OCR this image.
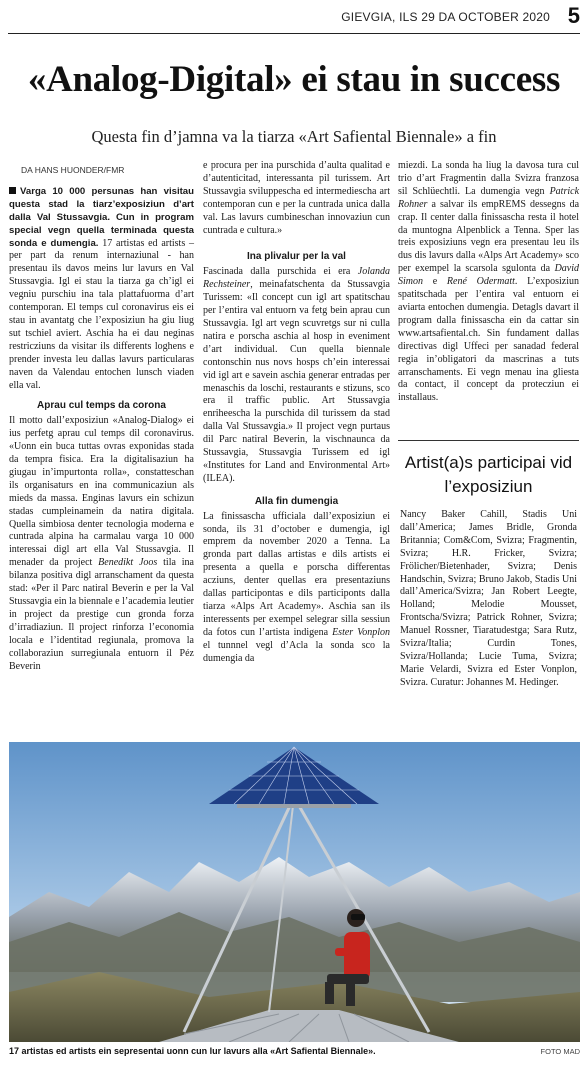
GIEVGIA, ILS 29 DA OCTOBER 2020 5
«Analog-Digital» ei stau in success
Questa fin d’jamna va la tiarza «Art Safiental Biennale» a fin
DA HANS HUONDER/FMR

Varga 10 000 persunas han visitau questa stad la tiarz’exposiziun d’art dalla Val Stussavgia. Cun in program special vegn quella terminada questa sonda e dumengia. 17 artistas ed artists – per part da renum internaziunal - han presentau ils davos meins lur lavurs en Val Stussavgia. Igl ei stau la tiarza ga ch’igl ei vegniu purschiu ina tala plattafuorma d’art contemporan. El temps cul coronavirus eis ei stau in avantatg che l’exposiziun ha giu liug sut tschiel aviert. Aschia ha ei dau neginas restricziuns da visitar ils differents loghens e prender investa leu dallas lavurs particularas naven da Valendau entochen lunsch viaden ella val.

Aprau cul temps da corona

Il motto dall’exposiziun «Analog-Dialog» ei ius perfetg aprau cul temps dil coronavirus. «Uonn ein buca tuttas ovras exponidas stada da tempra fisica. Era la digitalisaziun ha giugau in’impurtonta rolla», constatteschan ils organisaturs en ina communicaziun als mieds da massa. Enginas lavurs ein schizun stadas cumpleinamein da natira digitala. Quella simbiosa denter tecnologia moderna e cuntrada alpina ha carmalau varga 10 000 interessai digl art ella Val Stussavgia. Il menader da project Benedikt Joos tila ina bilanza positiva digl arranschament da questa stad: «Per il Parc natiral Beverin e per la Val Stussavgia ein la biennale e l’academia leutier in project da prestige cun gronda forza d’irradiaziun. Il project rinforza l’economia locala e l’identitad regiunala, promova la collaboraziun surregiunala entuorn il Péz Beverin

e procura per ina purschida d’aulta qualitad e d’autenticitad, interessanta pil turissem. Art Stussavgia sviluppescha ed intermediescha art contemporan cun e per la cuntrada unica dalla val. Las lavurs cumbineschan innovaziun cun cuntrada e cultura.»

Ina plivalur per la val

Fascinada dalla purschida ei era Jolanda Rechsteiner, meinafatschenta da Stussavgia Turissem: «Il concept cun igl art spatitschau per l’entira val entuorn va fetg bein aprau cun Stussavgia. Igl art vegn scuvretgs sur ni culla natira e porscha aschia al hosp in eveniment d’art individual. Cun quella biennale contonschin nus novs hosps ch’ein interessai vid igl art e savein aschia generar entradas per menaschis da loschi, restaurants e stizuns, sco era il traffic public. Art Stussavgia enriheescha la purschida dil turissem da stad dalla Val Stussavgia.» Il project vegn purtaus dil Parc natiral Beverin, la vischnaunca da Stussavgia, Stussavgia Turissem ed igl «Institutes for Land and Environmental Art» (ILEA).

Alla fin dumengia

La finissascha ufficiala dall’exposiziun ei sonda, ils 31 d’october e dumengia, igl emprem da november 2020 a Tenna. La gronda part dallas artistas e dils artists ei presenta a quella e porscha differentas acziuns, denter quellas era presentaziuns dallas participontas e dils participonts dalla tiarza «Alps Art Academy». Aschia san ils interessents per exempel selegrar silla sessiun da fotos cun l’artista indigena Ester Vonplon el tunnnel vegl d’Acla la sonda sco la dumengia da

miezdi. La sonda ha liug la davosa tura cul trio d’art Fragmentin dalla Svizra franzosa sil Schlüechtli. La dumengia vegn Patrick Rohner a salvar ils empREMS dessegns da crap. Il center dalla finissascha resta il hotel da muntogna Alpenblick a Tenna. Sper las treis exposiziuns vegn era presentau leu ils dus dis lavurs dalla «Alps Art Academy» sco per exempel la scarsola sgulonta da David Simon e René Odermatt. L’exposiziun spatitschada per l’entira val entuorn ei aviarta entochen dumengia. Detagls davart il program dalla finissascha ein da cattar sin www.artsafiental.ch. Sin fundament dallas directivas digl Uffeci per sanadad federal regia in’obligatori da mascrinas a tuts arranschaments. Ei vegn menau ina gliesta da contact, il concept da protecziun ei installaus.

Artist(a)s participai vid l’exposiziun
Nancy Baker Cahill, Stadis Uni dall’America; James Bridle, Gronda Britannia; Com&Com, Svizra; Fragmentin, Svizra; H.R. Fricker, Svizra; Frölicher/Bietenhader, Svizra; Denis Handschin, Svizra; Bruno Jakob, Stadis Uni dall’America/Svizra; Jan Robert Leegte, Holland; Melodie Mousset, Frontscha/Svizra; Patrick Rohner, Svizra; Manuel Rossner, Tiaratudestga; Sara Rutz, Svizra/Italia; Curdin Tones, Svizra/Hollanda; Lucie Tuma, Svizra; Marie Velardi, Svizra ed Ester Vonplon, Svizra. Curatur: Johannes M. Hedinger.
17 artistas ed artists ein sepresentai uonn cun lur lavurs alla «Art Safiental Biennale».	FOTO MAD
